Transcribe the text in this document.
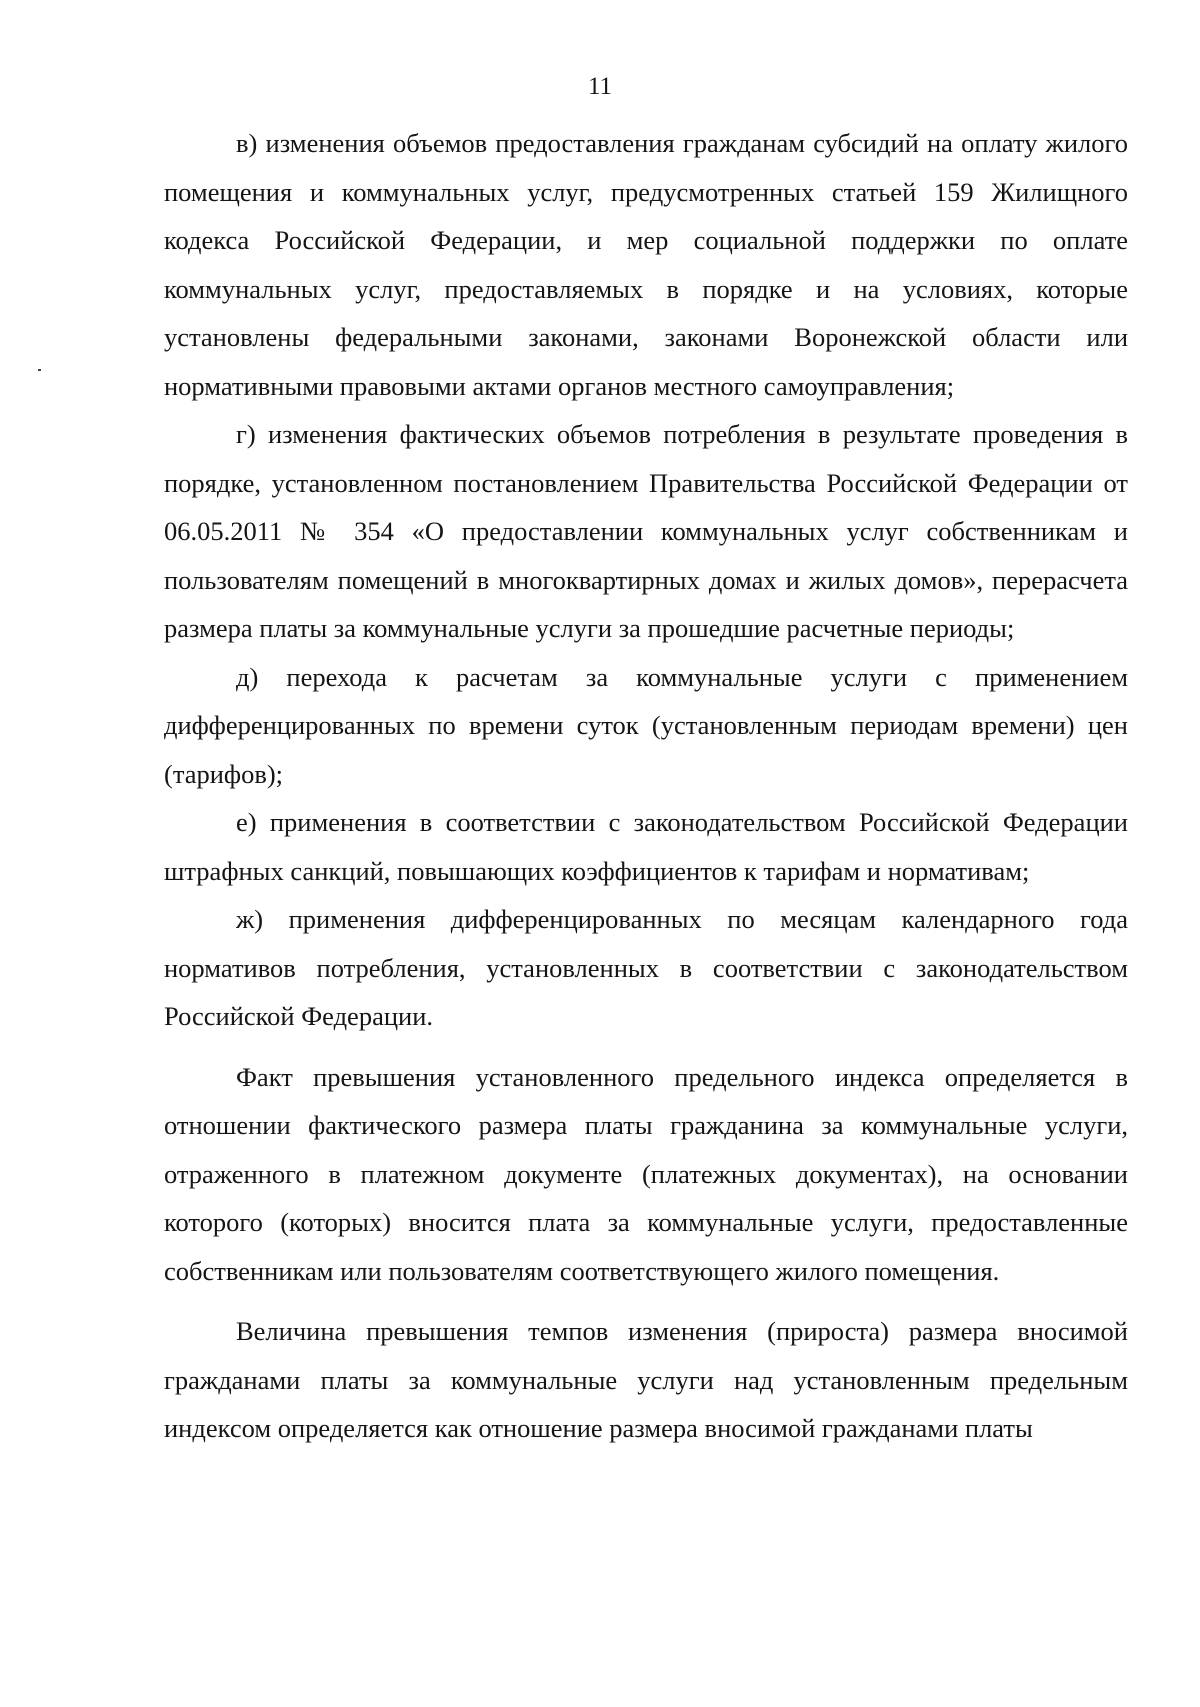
11

в) изменения объемов предоставления гражданам субсидий на оплату жилого помещения и коммунальных услуг, предусмотренных статьей 159 Жилищного кодекса Российской Федерации, и мер социальной поддержки по оплате коммунальных услуг, предоставляемых в порядке и на условиях, которые установлены федеральными законами, законами Воронежской области или нормативными правовыми актами органов местного самоуправления;

г) изменения фактических объемов потребления в результате проведения в порядке, установленном постановлением Правительства Российской Федерации от 06.05.2011 № 354 «О предоставлении коммунальных услуг собственникам и пользователям помещений в многоквартирных домах и жилых домов», перерасчета размера платы за коммунальные услуги за прошедшие расчетные периоды;

д) перехода к расчетам за коммунальные услуги с применением дифференцированных по времени суток (установленным периодам времени) цен (тарифов);

е) применения в соответствии с законодательством Российской Федерации штрафных санкций, повышающих коэффициентов к тарифам и нормативам;

ж) применения дифференцированных по месяцам календарного года нормативов потребления, установленных в соответствии с законодательством Российской Федерации.

Факт превышения установленного предельного индекса определяется в отношении фактического размера платы гражданина за коммунальные услуги, отраженного в платежном документе (платежных документах), на основании которого (которых) вносится плата за коммунальные услуги, предоставленные собственникам или пользователям соответствующего жилого помещения.

Величина превышения темпов изменения (прироста) размера вносимой гражданами платы за коммунальные услуги над установленным предельным индексом определяется как отношение размера вносимой гражданами платы
